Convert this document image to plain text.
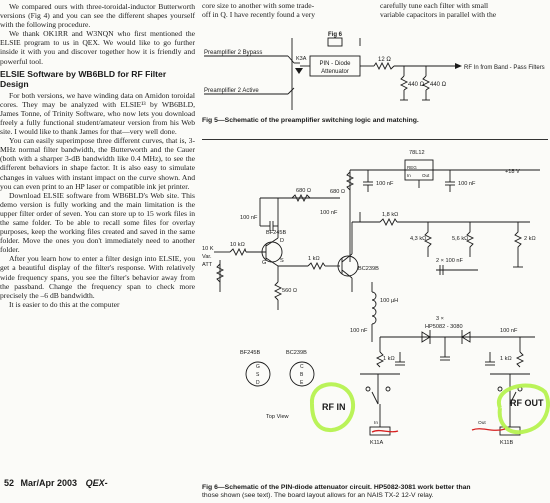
We compared ours with three-toroidal-inductor Butterworth versions (Fig 4) and you can see the different shapes yourself with the following procedure.

We thank OK1RR and W3NQN who first mentioned the ELSIE program to us in QEX. We would like to go further inside it with you and discover together how it is friendly and powerful tool.

ELSIE Software by WB6BLD for RF Filter Design

For both versions, we have winding data on Amidon toroidal cores. They may be analyzed with ELSIE¹³ by WB6BLD, James Tonne, of Trinity Software, who now lets you download freely a fully functional student/amateur version from his Web site. I would like to thank James for that—very well done.

You can easily superimpose three different curves, that is, 3-MHz normal filter bandwidth, the Butterworth and the Cauer (both with a sharper 3-dB bandwidth like 0.4 MHz), to see the different behaviors in shape factor. It is also easy to simulate changes in values with instant impact on the curve shown. And you can even print to an HP laser or compatible ink jet printer.

Download ELSIE software from WB6BLD's Web site. This demo version is fully working and the main limitation is the upper filter order of seven. You can store up to 15 work files in the same folder. To be able to recall some files for overlay purposes, keep the working files created and saved in the same folder. Move the ones you don't immediately need to another folder.

After you learn how to enter a filter design into ELSIE, you get a beautiful display of the filter's response. With relatively wide frequency spans, you see the filter's behavior away from the passband. Change the frequency span to check more precisely the –6 dB bandwidth.

It is easier to do this at the computer

core size to another with some trade-

off in Q. I have recently found a very

carefully tune each filter with small

variable capacitors in parallel with the

Preamplifier 2 Bypass
Preamplifier 2 Active
K3A
Fig 6
PIN - Diode
Attenuator
12 Ω
440 Ω 440 Ω
RF In from Band - Pass Filters
Fig 5—Schematic of the preamplifier switching logic and matching.
78L12
REG
In Out
+18 V
680 Ω
100 nF	100 nF
680 Ω
100 nF
BF245B
10 K
Var.
ATT
10 kΩ
560 Ω
G S
D
1 kΩ
BC239B
100 nF	1,8 kΩ
4,3 kΩ	5,6 kΩ	2 kΩ
2 × 100 nF
100 µH
3 ×
HP5082 - 3080
1 kΩ	1 kΩ
100 nF	100 nF
BF245B	BC239B
G
S
D
C
B
E
Top View
K11A	K11B
In	Out
RF IN	RF OUT
Fig 6—Schematic of the PIN-diode attenuator circuit. HP5082-3081 work better than
those shown (see text). The board layout allows for an NAIS TX-2 12-V relay.
52 Mar/Apr 2003 QEX-
